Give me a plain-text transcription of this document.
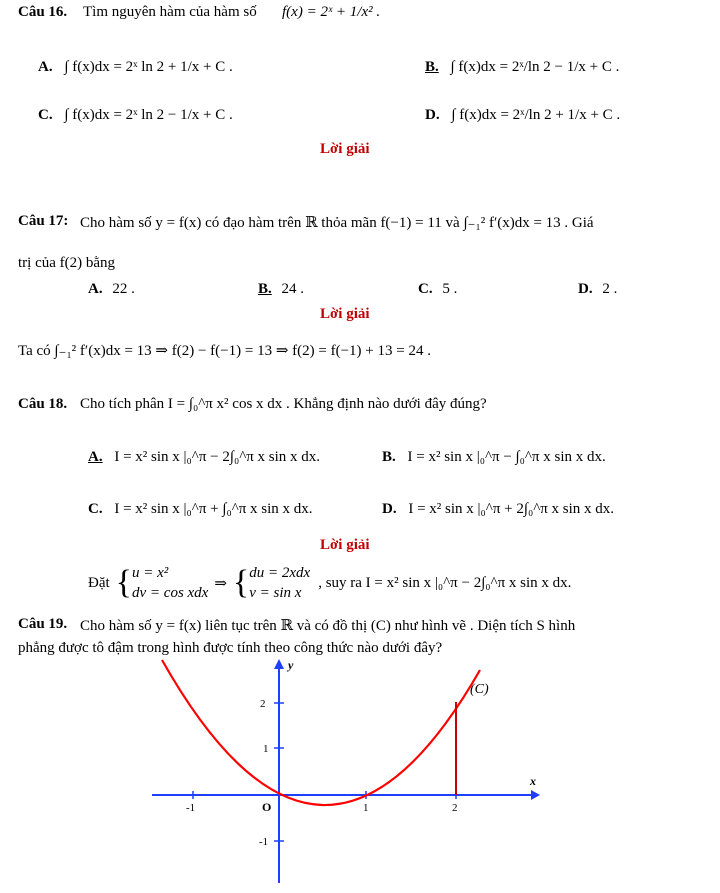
Câu 16. Tìm nguyên hàm của hàm số f(x) = 2ˣ + 1/x² .
A. ∫ f(x)dx = 2ˣ ln 2 + 1/x + C .	B. ∫ f(x)dx = 2ˣ/ln 2 − 1/x + C .
C. ∫ f(x)dx = 2ˣ ln 2 − 1/x + C .	D. ∫ f(x)dx = 2ˣ/ln 2 + 1/x + C .
Lời giải
Câu 17: Cho hàm số y = f(x) có đạo hàm trên ℝ thỏa mãn f(−1) = 11 và ∫₋₁² f′(x)dx = 13 . Giá
trị của f(2) bằng
A. 22 .	B. 24 .	C. 5 .	D. 2 .
Lời giải
Ta có ∫₋₁² f′(x)dx = 13 ⇒ f(2) − f(−1) = 13 ⇒ f(2) = f(−1) + 13 = 24 .
Câu 18. Cho tích phân I = ∫₀^π x² cos x dx . Khẳng định nào dưới đây đúng?
A. I = x² sin x |₀^π − 2∫₀^π x sin x dx.	B. I = x² sin x |₀^π − ∫₀^π x sin x dx.
C. I = x² sin x |₀^π + ∫₀^π x sin x dx.	D. I = x² sin x |₀^π + 2∫₀^π x sin x dx.
Lời giải
Đặt { u = x²
dv = cos xdx
⇒ { du = 2xdx
v = sin x
, suy ra I = x² sin x |₀^π − 2∫₀^π x sin x dx.
Câu 19. Cho hàm số y = f(x) liên tục trên ℝ và có đồ thị (C) như hình vẽ . Diện tích S hình
phẳng được tô đậm trong hình được tính theo công thức nào dưới đây?
(C)
y
x
O
-1	1	2
2
1
-1
